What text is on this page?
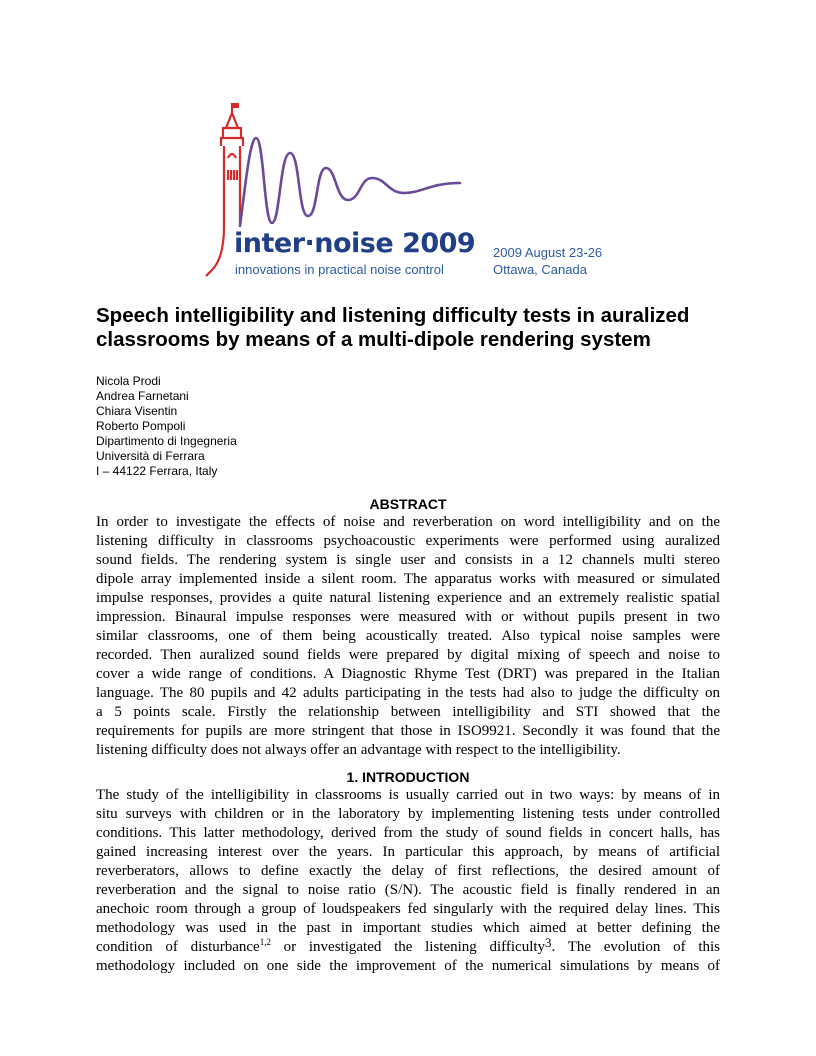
inter·noise 2009
innovations in practical noise control
2009 August 23-26
Ottawa, Canada
Speech intelligibility and listening difficulty tests in auralized
classrooms by means of a multi-dipole rendering system
Nicola Prodi
Andrea Farnetani
Chiara Visentin
Roberto Pompoli
Dipartimento di Ingegneria
Università di Ferrara
I – 44122 Ferrara, Italy
ABSTRACT
In order to investigate the effects of noise and reverberation on word intelligibility and on the
listening difficulty in classrooms psychoacoustic experiments were performed using auralized
sound fields. The rendering system is single user and consists in a 12 channels multi stereo
dipole array implemented inside a silent room. The apparatus works with measured or simulated
impulse responses, provides a quite natural listening experience and an extremely realistic spatial
impression. Binaural impulse responses were measured with or without pupils present in two
similar classrooms, one of them being acoustically treated. Also typical noise samples were
recorded. Then auralized sound fields were prepared by digital mixing of speech and noise to
cover a wide range of conditions. A Diagnostic Rhyme Test (DRT) was prepared in the Italian
language. The 80 pupils and 42 adults participating in the tests had also to judge the difficulty on
a 5 points scale. Firstly the relationship between intelligibility and STI showed that the
requirements for pupils are more stringent that those in ISO9921. Secondly it was found that the
listening difficulty does not always offer an advantage with respect to the intelligibility.
1. INTRODUCTION
The study of the intelligibility in classrooms is usually carried out in two ways: by means of in
situ surveys with children or in the laboratory by implementing listening tests under controlled
conditions. This latter methodology, derived from the study of sound fields in concert halls, has
gained increasing interest over the years. In particular this approach, by means of artificial
reverberators, allows to define exactly the delay of first reflections, the desired amount of
reverberation and the signal to noise ratio (S/N). The acoustic field is finally rendered in an
anechoic room through a group of loudspeakers fed singularly with the required delay lines. This
methodology was used in the past in important studies which aimed at better defining the
condition of disturbance$^{1,2}$ or investigated the listening difficulty3. The evolution of this
methodology included on one side the improvement of the numerical simulations by means of
